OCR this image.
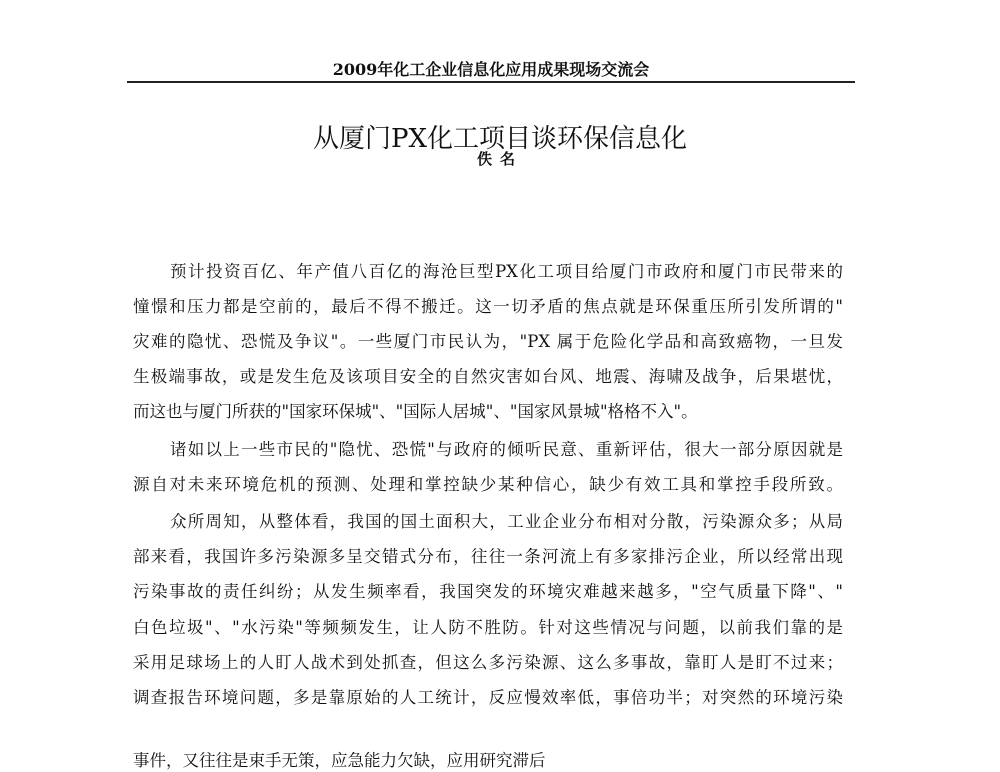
2009年化工企业信息化应用成果现场交流会
从厦门PX化工项目谈环保信息化
佚名
预计投资百亿、年产值八百亿的海沧巨型PX化工项目给厦门市政府和厦门市民带来的
憧憬和压力都是空前的，最后不得不搬迁。这一切矛盾的焦点就是环保重压所引发所谓的"
灾难的隐忧、恐慌及争议"。一些厦门市民认为，"PX 属于危险化学品和高致癌物，一旦发
生极端事故，或是发生危及该项目安全的自然灾害如台风、地震、海啸及战争，后果堪忧，
而这也与厦门所获的"国家环保城"、"国际人居城"、"国家风景城"格格不入"。
诸如以上一些市民的"隐忧、恐慌"与政府的倾听民意、重新评估，很大一部分原因就是
源自对未来环境危机的预测、处理和掌控缺少某种信心，缺少有效工具和掌控手段所致。
众所周知，从整体看，我国的国土面积大，工业企业分布相对分散，污染源众多；从局
部来看，我国许多污染源多呈交错式分布，往往一条河流上有多家排污企业，所以经常出现
污染事故的责任纠纷；从发生频率看，我国突发的环境灾难越来越多，"空气质量下降"、"
白色垃圾"、"水污染"等频频发生，让人防不胜防。针对这些情况与问题，以前我们靠的是
采用足球场上的人盯人战术到处抓查，但这么多污染源、这么多事故，靠盯人是盯不过来；
调查报告环境问题，多是靠原始的人工统计，反应慢效率低，事倍功半；对突然的环境污染
事件，又往往是束手无策，应急能力欠缺，应用研究滞后
